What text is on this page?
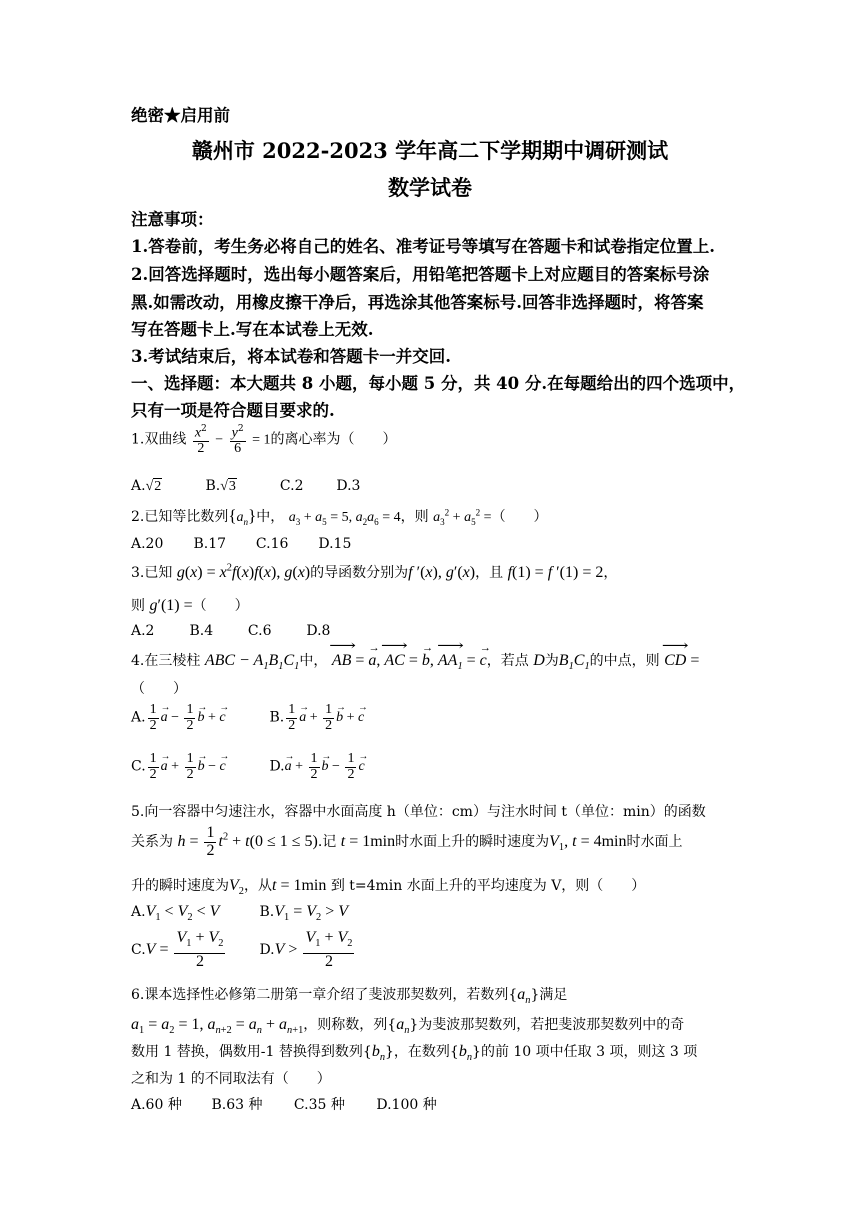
绝密★启用前
赣州市 2022-2023 学年高二下学期期中调研测试
数学试卷
注意事项：
1.答卷前，考生务必将自己的姓名、准考证号等填写在答题卡和试卷指定位置上.
2.回答选择题时，选出每小题答案后，用铅笔把答题卡上对应题目的答案标号涂
黑.如需改动，用橡皮擦干净后，再选涂其他答案标号.回答非选择题时，将答案
写在答题卡上.写在本试卷上无效.
3.考试结束后，将本试卷和答题卡一并交回.
一、选择题：本大题共 8 小题，每小题 5 分，共 40 分.在每题给出的四个选项中，
只有一项是符合题目要求的.
1.双曲线 $\frac{x^2}{2} - \frac{y^2}{6} = 1$的离心率为（　　）
A.√2	B.√3	C.2 D.3
2.已知等比数列$\{a_n\}$中， $a_3 + a_5 = 5$, $a_2a_6 = 4$，则 $a_3^2 + a_5^2$ =（　　）
A.20 B.17 C.16 D.15
3.已知 $g(x) = x^2f(x)f(x)$, g(x)的导函数分别为f ′(x), g′(x)，且 f(1) = f ′(1) = 2，
则 g′(1) =（　　）
A.2 B.4 C.6 D.8
4.在三棱柱 ABC − $A_1B_1C_1$中， ⟶ AB = → a, ⟶ AC = → b, ⟶ $AA_1$ = → c，若点 D为$B_1C_1$的中点，则 ⟶ CD =
（　　）
A. $\frac{1}{2}$
→ $a - \frac{1}{2}$
→ b + → c	B. $\frac{1}{2}$
→ $a + \frac{1}{2}$
→ b + → c
C. $\frac{1}{2}$
→ $a + \frac{1}{2}$
→ b − → c	$D.\to a + \frac{1}{2}$
→ $b - \frac{1}{2}$
→ c
5.向一容器中匀速注水，容器中水面高度 h（单位：cm）与注水时间 t（单位：min）的函数
关系为 $h = \frac{1}{2} t^2 + t(0 \le 1 \le 5)$.记 t = 1min时水面上升的瞬时速度为$V_1$, t = 4min时水面上
升的瞬时速度为$V_2$，从t = 1min 到 t=4min 水面上升的平均速度为 V，则（　　）
$A.V_1 < V_2 < V$	$B.V_1 = V_2 > V$
$C.V = \frac{V_1 + V_2}{2} D.V > \frac{V_1 + V_2}{2}$
6.课本选择性必修第二册第一章介绍了斐波那契数列，若数列$\{a_n\}$满足
$a_1 = a_2 = 1$, $a_{n+2} = a_n + a_{n+1}$，则称数，列$\{a_n\}$为斐波那契数列，若把斐波那契数列中的奇
数用 1 替换，偶数用-1 替换得到数列$\{b_n\}$，在数列$\{b_n\}$的前 10 项中任取 3 项，则这 3 项
之和为 1 的不同取法有（　　）
A.60 种 B.63 种 C.35 种 D.100 种
